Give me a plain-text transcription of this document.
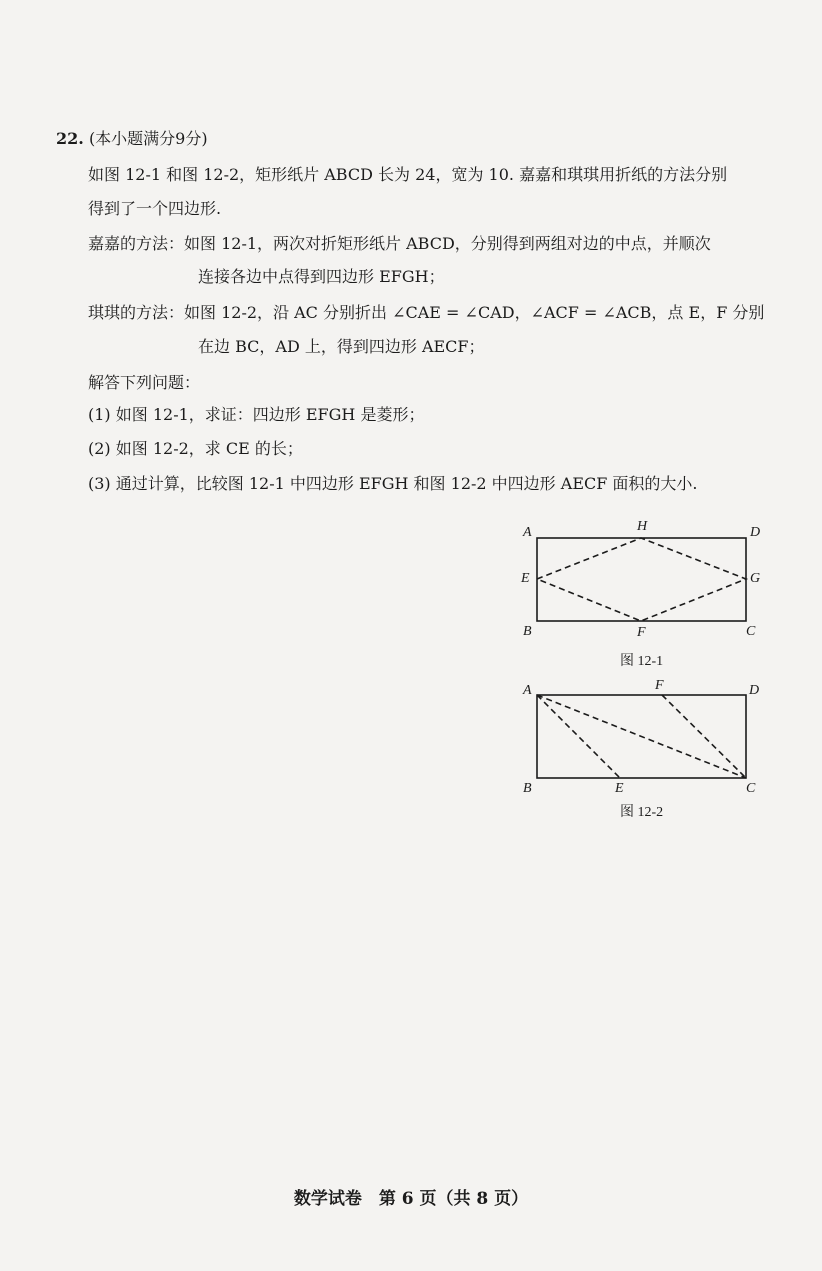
22. (本小题满分9分)
如图 12-1 和图 12-2，矩形纸片 ABCD 长为 24，宽为 10. 嘉嘉和琪琪用折纸的方法分别
得到了一个四边形.
嘉嘉的方法：如图 12-1，两次对折矩形纸片 ABCD，分别得到两组对边的中点，并顺次
连接各边中点得到四边形 EFGH；
琪琪的方法：如图 12-2，沿 AC 分别折出 ∠CAE = ∠CAD，∠ACF = ∠ACB，点 E，F 分别
在边 BC，AD 上，得到四边形 AECF；
解答下列问题：
(1) 如图 12-1，求证：四边形 EFGH 是菱形；
(2) 如图 12-2，求 CE 的长；
(3) 通过计算，比较图 12-1 中四边形 EFGH 和图 12-2 中四边形 AECF 面积的大小.
A	H	D
E	G
B	F	C
图 12-1
A	F	D
B	E	C
图 12-2
数学试卷　第 6 页（共 8 页）
